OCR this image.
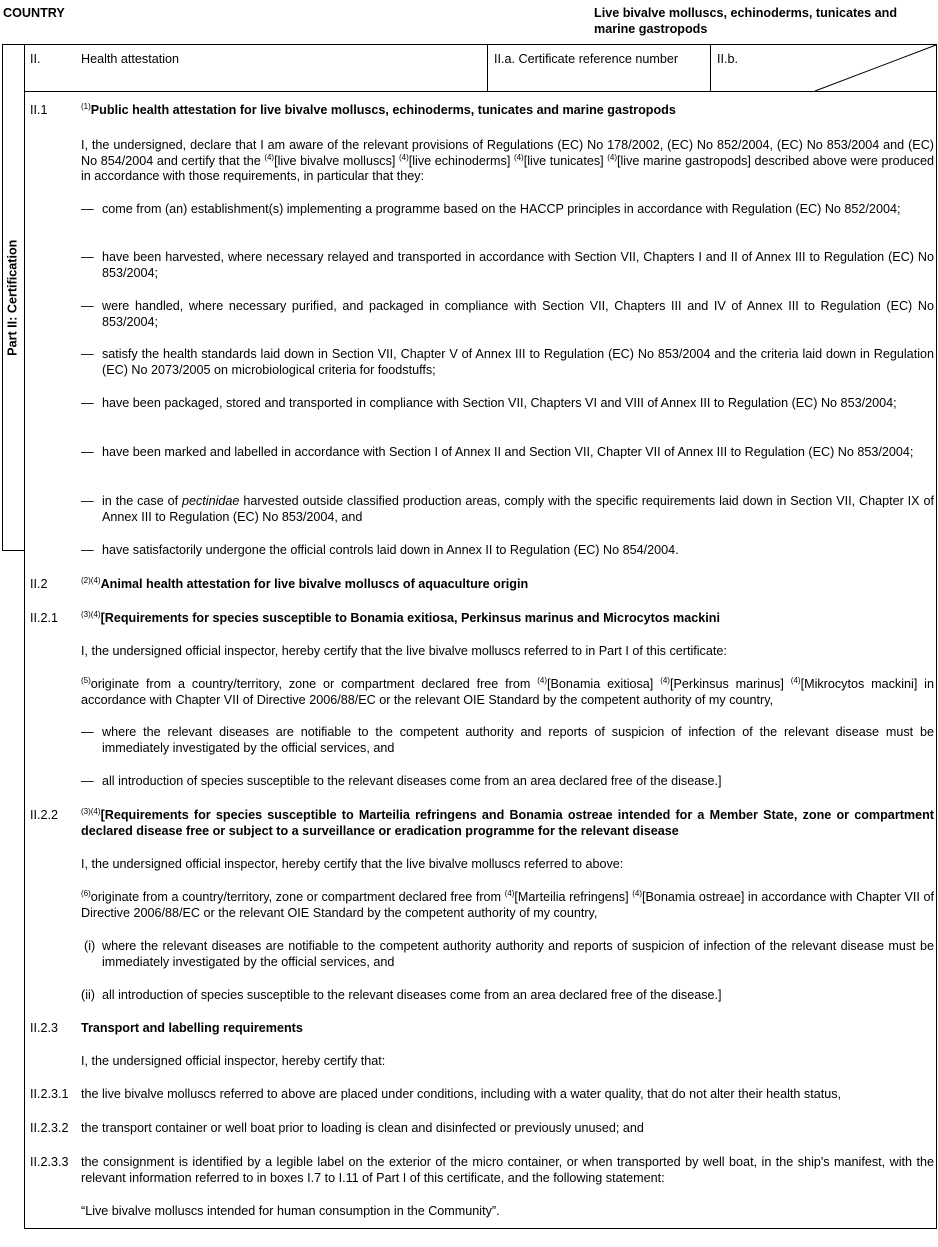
COUNTRY	Live bivalve molluscs, echinoderms, tunicates and marine gastropods
Part II: Certification
II.	Health attestation	II.a. Certificate reference number	II.b.
II.1	$^{(1)}$Public health attestation for live bivalve molluscs, echinoderms, tunicates and marine gastropods
I, the undersigned, declare that I am aware of the relevant provisions of Regulations (EC) No 178/2002, (EC) No 852/2004, (EC) No 853/2004 and (EC) No 854/2004 and certify that the $^{(4)}$[live bivalve molluscs] $^{(4)}$[live echinoderms] $^{(4)}$[live tunicates] $^{(4)}$[live marine gastropods] described above were produced in accordance with those requirements, in particular that they:
— come from (an) establishment(s) implementing a programme based on the HACCP principles in accordance with Regulation (EC) No 852/2004;
— have been harvested, where necessary relayed and transported in accordance with Section VII, Chapters I and II of Annex III to Regulation (EC) No 853/2004;
— were handled, where necessary purified, and packaged in compliance with Section VII, Chapters III and IV of Annex III to Regulation (EC) No 853/2004;
— satisfy the health standards laid down in Section VII, Chapter V of Annex III to Regulation (EC) No 853/2004 and the criteria laid down in Regulation (EC) No 2073/2005 on microbiological criteria for foodstuffs;
— have been packaged, stored and transported in compliance with Section VII, Chapters VI and VIII of Annex III to Regulation (EC) No 853/2004;
— have been marked and labelled in accordance with Section I of Annex II and Section VII, Chapter VII of Annex III to Regulation (EC) No 853/2004;
— in the case of pectinidae harvested outside classified production areas, comply with the specific requirements laid down in Section VII, Chapter IX of Annex III to Regulation (EC) No 853/2004, and
— have satisfactorily undergone the official controls laid down in Annex II to Regulation (EC) No 854/2004.
II.2	$^{(2)(4)}$Animal health attestation for live bivalve molluscs of aquaculture origin
II.2.1	$^{(3)(4)}$[Requirements for species susceptible to Bonamia exitiosa, Perkinsus marinus and Microcytos mackini
I, the undersigned official inspector, hereby certify that the live bivalve molluscs referred to in Part I of this certificate:
$^{(5)}$originate from a country/territory, zone or compartment declared free from $^{(4)}$[Bonamia exitiosa] $^{(4)}$[Perkinsus marinus] $^{(4)}$[Mikrocytos mackini] in accordance with Chapter VII of Directive 2006/88/EC or the relevant OIE Standard by the competent authority of my country,
— where the relevant diseases are notifiable to the competent authority and reports of suspicion of infection of the relevant disease must be immediately investigated by the official services, and
— all introduction of species susceptible to the relevant diseases come from an area declared free of the disease.]
II.2.2	$^{(3)(4)}$[Requirements for species susceptible to Marteilia refringens and Bonamia ostreae intended for a Member State, zone or compartment declared disease free or subject to a surveillance or eradication programme for the relevant disease
I, the undersigned official inspector, hereby certify that the live bivalve molluscs referred to above:
$^{(6)}$originate from a country/territory, zone or compartment declared free from $^{(4)}$[Marteilia refringens] $^{(4)}$[Bonamia ostreae] in accordance with Chapter VII of Directive 2006/88/EC or the relevant OIE Standard by the competent authority of my country,
(i) where the relevant diseases are notifiable to the competent authority authority and reports of suspicion of infection of the relevant disease must be immediately investigated by the official services, and
(ii) all introduction of species susceptible to the relevant diseases come from an area declared free of the disease.]
II.2.3 Transport and labelling requirements
I, the undersigned official inspector, hereby certify that:
II.2.3.1 the live bivalve molluscs referred to above are placed under conditions, including with a water quality, that do not alter their health status,
II.2.3.2 the transport container or well boat prior to loading is clean and disinfected or previously unused; and
II.2.3.3 the consignment is identified by a legible label on the exterior of the micro container, or when transported by well boat, in the ship's manifest, with the relevant information referred to in boxes I.7 to I.11 of Part I of this certificate, and the following statement:
“Live bivalve molluscs intended for human consumption in the Community”.
